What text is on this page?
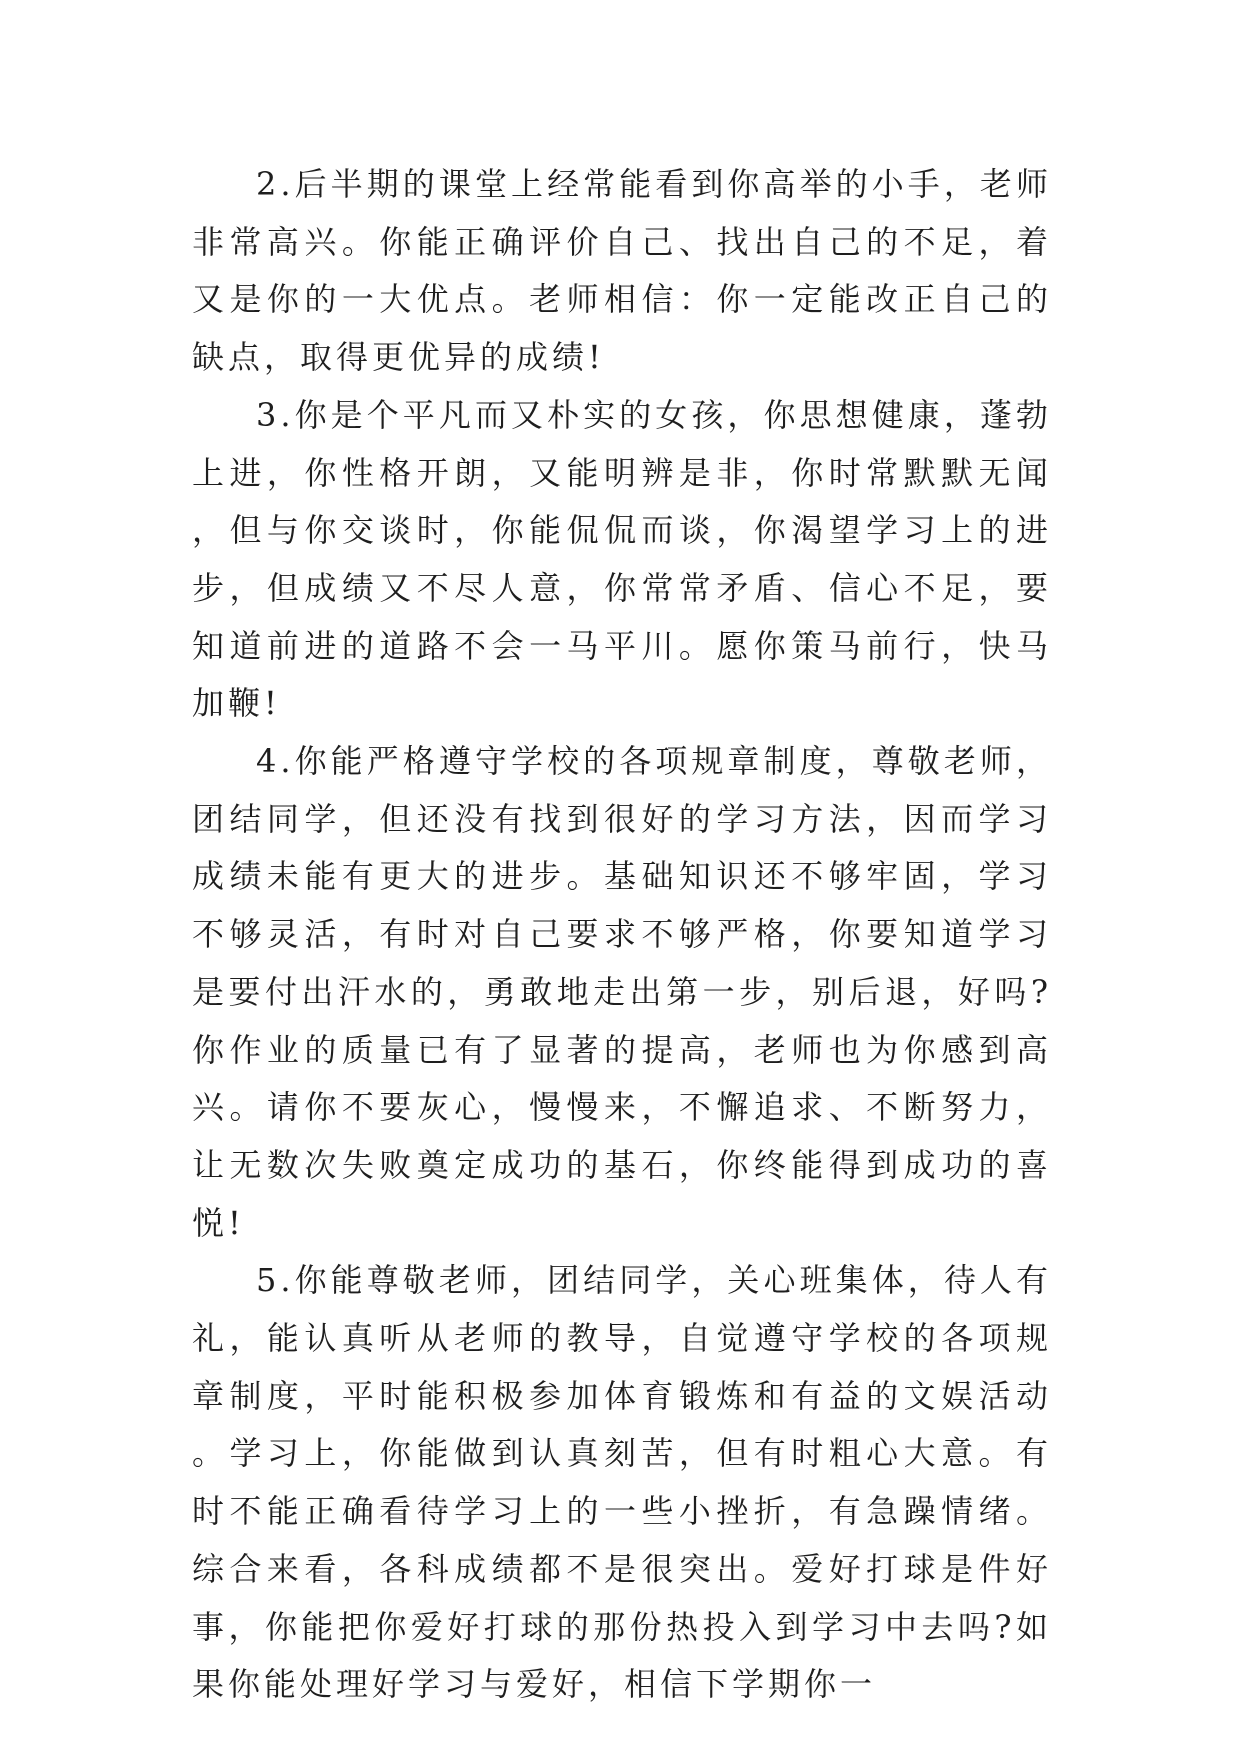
2.后半期的课堂上经常能看到你高举的小手，老师非常高兴。你能正确评价自己、找出自己的不足，着又是你的一大优点。老师相信：你一定能改正自己的缺点，取得更优异的成绩!

3.你是个平凡而又朴实的女孩，你思想健康，蓬勃上进，你性格开朗，又能明辨是非，你时常默默无闻，但与你交谈时，你能侃侃而谈，你渴望学习上的进步，但成绩又不尽人意，你常常矛盾、信心不足，要知道前进的道路不会一马平川。愿你策马前行，快马加鞭!

4.你能严格遵守学校的各项规章制度，尊敬老师，团结同学，但还没有找到很好的学习方法，因而学习成绩未能有更大的进步。基础知识还不够牢固，学习不够灵活，有时对自己要求不够严格，你要知道学习是要付出汗水的，勇敢地走出第一步，别后退，好吗?你作业的质量已有了显著的提高，老师也为你感到高兴。请你不要灰心，慢慢来，不懈追求、不断努力，让无数次失败奠定成功的基石，你终能得到成功的喜悦!

5.你能尊敬老师，团结同学，关心班集体，待人有礼，能认真听从老师的教导，自觉遵守学校的各项规章制度，平时能积极参加体育锻炼和有益的文娱活动。学习上，你能做到认真刻苦，但有时粗心大意。有时不能正确看待学习上的一些小挫折，有急躁情绪。综合来看，各科成绩都不是很突出。爱好打球是件好事，你能把你爱好打球的那份热投入到学习中去吗?如果你能处理好学习与爱好，相信下学期你一
